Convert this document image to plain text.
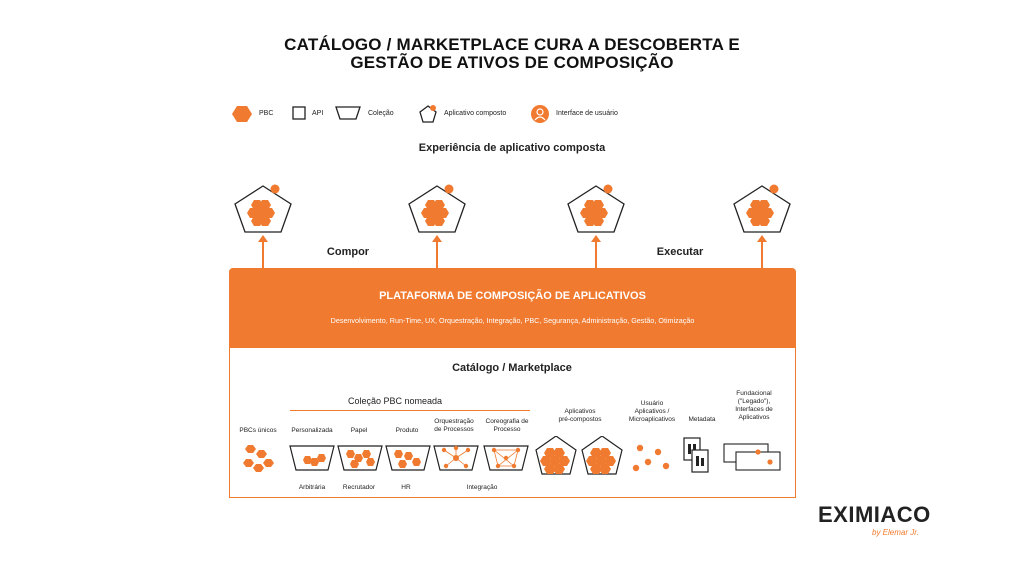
CATÁLOGO / MARKETPLACE CURA A DESCOBERTA E
GESTÃO DE ATIVOS DE COMPOSIÇÃO
PBC	API	Coleção	Aplicativo composto	Interface de usuário
Experiência de aplicativo composta
Compor	Executar
PLATAFORMA DE COMPOSIÇÃO DE APLICATIVOS
Desenvolvimento, Run-Time, UX, Orquestração, Integração, PBC, Segurança, Administração, Gestão, Otimização
Catálogo / Marketplace
Coleção PBC nomeada
PBCs únicos	Personalizada	Papel	Produto
Orquestração
de Processos
Coreografia de
Processo
Aplicativos
pré-compostos
Usuário
Aplicativos /
Microaplicativos	Metadata
Fundacional
("Legado"),
Interfaces de
Aplicativos
Arbitrária	Recrutador	HR	Integração
EXIMIACO
by Elemar Jr.
